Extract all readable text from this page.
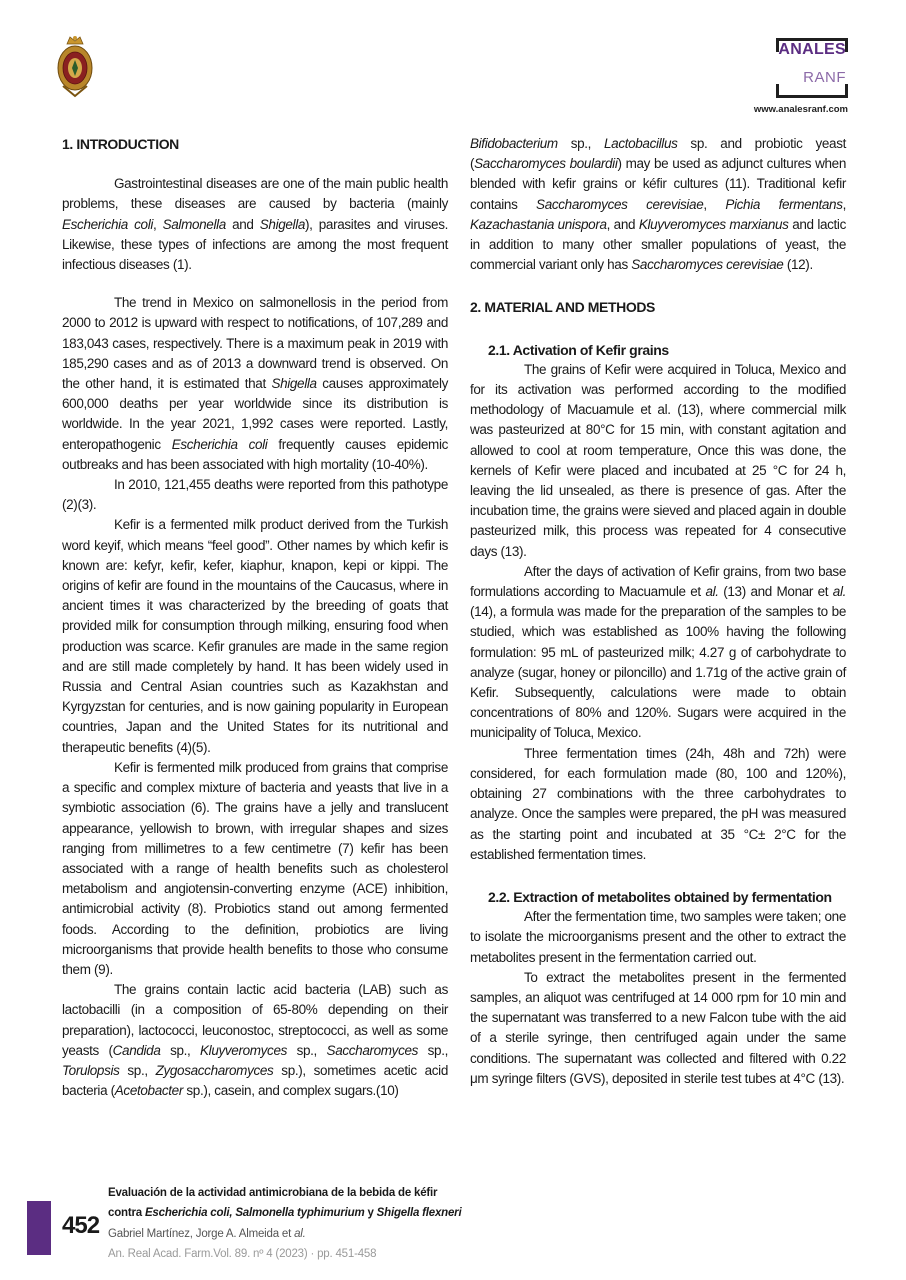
ANALES
RANF
www.analesranf.com
1. INTRODUCTION

Gastrointestinal diseases are one of the main public health problems, these diseases are caused by bacteria (mainly Escherichia coli, Salmonella and Shigella), parasites and viruses. Likewise, these types of infections are among the most frequent infectious diseases (1).

The trend in Mexico on salmonellosis in the period from 2000 to 2012 is upward with respect to notifications, of 107,289 and 183,043 cases, respectively. There is a maximum peak in 2019 with 185,290 cases and as of 2013 a downward trend is observed. On the other hand, it is estimated that Shigella causes approximately 600,000 deaths per year worldwide since its distribution is worldwide. In the year 2021, 1,992 cases were reported. Lastly, enteropathogenic Escherichia coli frequently causes epidemic outbreaks and has been associated with high mortality (10-40%).

In 2010, 121,455 deaths were reported from this pathotype (2)(3).

Kefir is a fermented milk product derived from the Turkish word keyif, which means “feel good”. Other names by which kefir is known are: kefyr, kefir, kefer, kiaphur, knapon, kepi or kippi. The origins of kefir are found in the mountains of the Caucasus, where in ancient times it was characterized by the breeding of goats that provided milk for consumption through milking, ensuring food when production was scarce. Kefir granules are made in the same region and are still made completely by hand. It has been widely used in Russia and Central Asian countries such as Kazakhstan and Kyrgyzstan for centuries, and is now gaining popularity in European countries, Japan and the United States for its nutritional and therapeutic benefits (4)(5).

Kefir is fermented milk produced from grains that comprise a specific and complex mixture of bacteria and yeasts that live in a symbiotic association (6). The grains have a jelly and translucent appearance, yellowish to brown, with irregular shapes and sizes ranging from millimetres to a few centimetre (7) kefir has been associated with a range of health benefits such as cholesterol metabolism and angiotensin-converting enzyme (ACE) inhibition, antimicrobial activity (8). Probiotics stand out among fermented foods. According to the definition, probiotics are living microorganisms that provide health benefits to those who consume them (9).

The grains contain lactic acid bacteria (LAB) such as lactobacilli (in a composition of 65-80% depending on their preparation), lactococci, leuconostoc, streptococci, as well as some yeasts (Candida sp., Kluyveromyces sp., Saccharomyces sp., Torulopsis sp., Zygosaccharomyces sp.), sometimes acetic acid bacteria (Acetobacter sp.), casein, and complex sugars.(10)

Bifidobacterium sp., Lactobacillus sp. and probiotic yeast (Saccharomyces boulardii) may be used as adjunct cultures when blended with kefir grains or kéfir cultures (11). Traditional kefir contains Saccharomyces cerevisiae, Pichia fermentans, Kazachastania unispora, and Kluyveromyces marxianus and lactic in addition to many other smaller populations of yeast, the commercial variant only has Saccharomyces cerevisiae (12).

2. MATERIAL AND METHODS
2.1. Activation of Kefir grains

The grains of Kefir were acquired in Toluca, Mexico and for its activation was performed according to the modified methodology of Macuamule et al. (13), where commercial milk was pasteurized at 80°C for 15 min, with constant agitation and allowed to cool at room temperature, Once this was done, the kernels of Kefir were placed and incubated at 25 °C for 24 h, leaving the lid unsealed, as there is presence of gas. After the incubation time, the grains were sieved and placed again in double pasteurized milk, this process was repeated for 4 consecutive days (13).

After the days of activation of Kefir grains, from two base formulations according to Macuamule et al. (13) and Monar et al. (14), a formula was made for the preparation of the samples to be studied, which was established as 100% having the following formulation: 95 mL of pasteurized milk; 4.27 g of carbohydrate to analyze (sugar, honey or piloncillo) and 1.71g of the active grain of Kefir. Subsequently, calculations were made to obtain concentrations of 80% and 120%. Sugars were acquired in the municipality of Toluca, Mexico.

Three fermentation times (24h, 48h and 72h) were considered, for each formulation made (80, 100 and 120%), obtaining 27 combinations with the three carbohydrates to analyze. Once the samples were prepared, the pH was measured as the starting point and incubated at 35 °C± 2°C for the established fermentation times.

2.2. Extraction of metabolites obtained by fermentation

After the fermentation time, two samples were taken; one to isolate the microorganisms present and the other to extract the metabolites present in the fermentation carried out.

To extract the metabolites present in the fermented samples, an aliquot was centrifuged at 14 000 rpm for 10 min and the supernatant was transferred to a new Falcon tube with the aid of a sterile syringe, then centrifuged again under the same conditions. The supernatant was collected and filtered with 0.22 μm syringe filters (GVS), deposited in sterile test tubes at 4°C (13).

452
Evaluación de la actividad antimicrobiana de la bebida de kéfir
contra Escherichia coli, Salmonella typhimurium y Shigella flexneri
Gabriel Martínez, Jorge A. Almeida et al.
An. Real Acad. Farm.Vol. 89. nº 4 (2023) · pp. 451-458
